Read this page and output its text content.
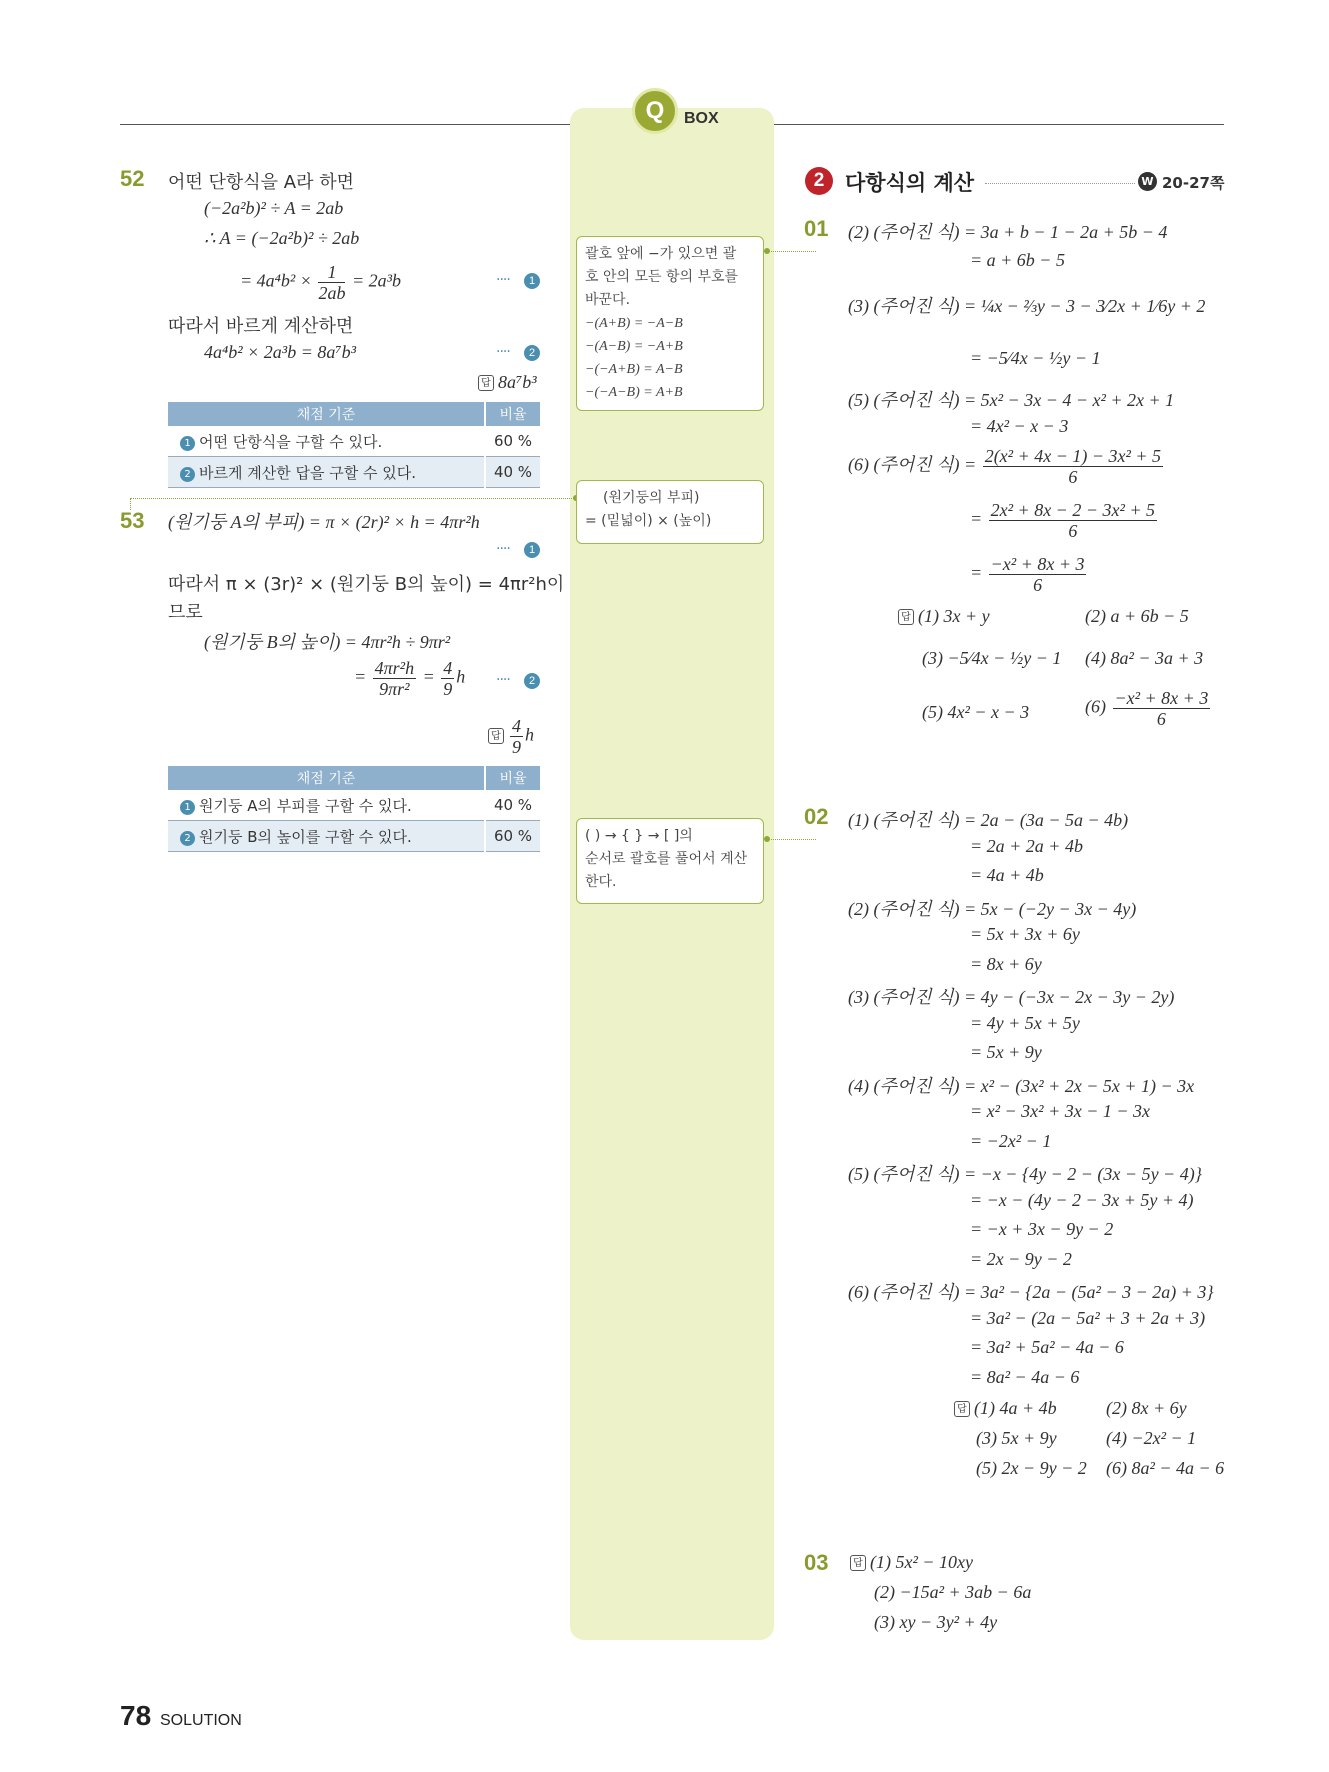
Q	BOX
52 어떤 단항식을 A라 하면
(−2a²b)² ÷ A = 2ab
∴ A = (−2a²b)² ÷ 2ab
= $4a^4b^2 \times \frac{1}{2ab} = 2a^3b$	····	1
따라서 바르게 계산하면
4a⁴b² × 2a³b = 8a⁷b³	····	2
답 8a⁷b³
채점 기준	비율
1 어떤 단항식을 구할 수 있다.	60 %
2 바르게 계산한 답을 구할 수 있다.	40 %
53 (원기둥 A의 부피) = π × (2r)² × h = 4πr²h
····	1
따라서 π × (3r)² × (원기둥 B의 높이) = 4πr²h이
므로
(원기둥 B의 높이) = 4πr²h ÷ 9πr²
= $\frac{\text{4πr²h}}{\text{9πr²}} = \frac{4}{9}$ h ····	2
답 $\frac{4}{9}$ h
채점 기준	비율
1 원기둥 A의 부피를 구할 수 있다.	40 %
2 원기둥 B의 높이를 구할 수 있다.	60 %
괄호 앞에 −가 있으면 괄
호 안의 모든 항의 부호를
바꾼다.
−(A+B) = −A−B
−(A−B) = −A+B
−(−A+B) = A−B
−(−A−B) = A+B
(원기둥의 부피)
= (밑넓이) × (높이)
( ) → { } → [ ]의
순서로 괄호를 풀어서 계산
한다.
2 다항식의 계산	W 20-27쪽
01 (2) (주어진 식) = 3a + b − 1 − 2a + 5b − 4
= a + 6b − 5
(3) (주어진 식) = ¼x − ⅔y − 3 − 3⁄2x + 1⁄6y + 2
= −5⁄4x − ½y − 1
(5) (주어진 식) = 5x² − 3x − 4 − x² + 2x + 1
= 4x² − x − 3
(6) (주어진 식) = $\frac{\text{2(x² + 4x − 1) − 3x² + 5}}{6}$
= $\frac{\text{2x² + 8x − 2 − 3x² + 5}}{6}$
= $\frac{\text{−x² + 8x + 3}}{6}$
답 (1) 3x + y	(2) a + 6b − 5
(3) −5⁄4x − ½y − 1 (4) 8a² − 3a + 3
(5) 4x² − x − 3	$(6) \frac{\text{−x² + 8x + 3}}{6}$
02 (1) (주어진 식) = 2a − (3a − 5a − 4b)
= 2a + 2a + 4b
= 4a + 4b
(2) (주어진 식) = 5x − (−2y − 3x − 4y)
= 5x + 3x + 6y
= 8x + 6y
(3) (주어진 식) = 4y − (−3x − 2x − 3y − 2y)
= 4y + 5x + 5y
= 5x + 9y
(4) (주어진 식) = x² − (3x² + 2x − 5x + 1) − 3x
= x² − 3x² + 3x − 1 − 3x
= −2x² − 1
(5) (주어진 식) = −x − {4y − 2 − (3x − 5y − 4)}
= −x − (4y − 2 − 3x + 5y + 4)
= −x + 3x − 9y − 2
= 2x − 9y − 2
(6) (주어진 식) = 3a² − {2a − (5a² − 3 − 2a) + 3}
= 3a² − (2a − 5a² + 3 + 2a + 3)
= 3a² + 5a² − 4a − 6
= 8a² − 4a − 6
답 (1) 4a + 4b	(2) 8x + 6y
(3) 5x + 9y	(4) −2x² − 1
(5) 2x − 9y − 2 (6) 8a² − 4a − 6
03	답 (1) 5x² − 10xy
(2) −15a² + 3ab − 6a
(3) xy − 3y² + 4y
78 SOLUTION
